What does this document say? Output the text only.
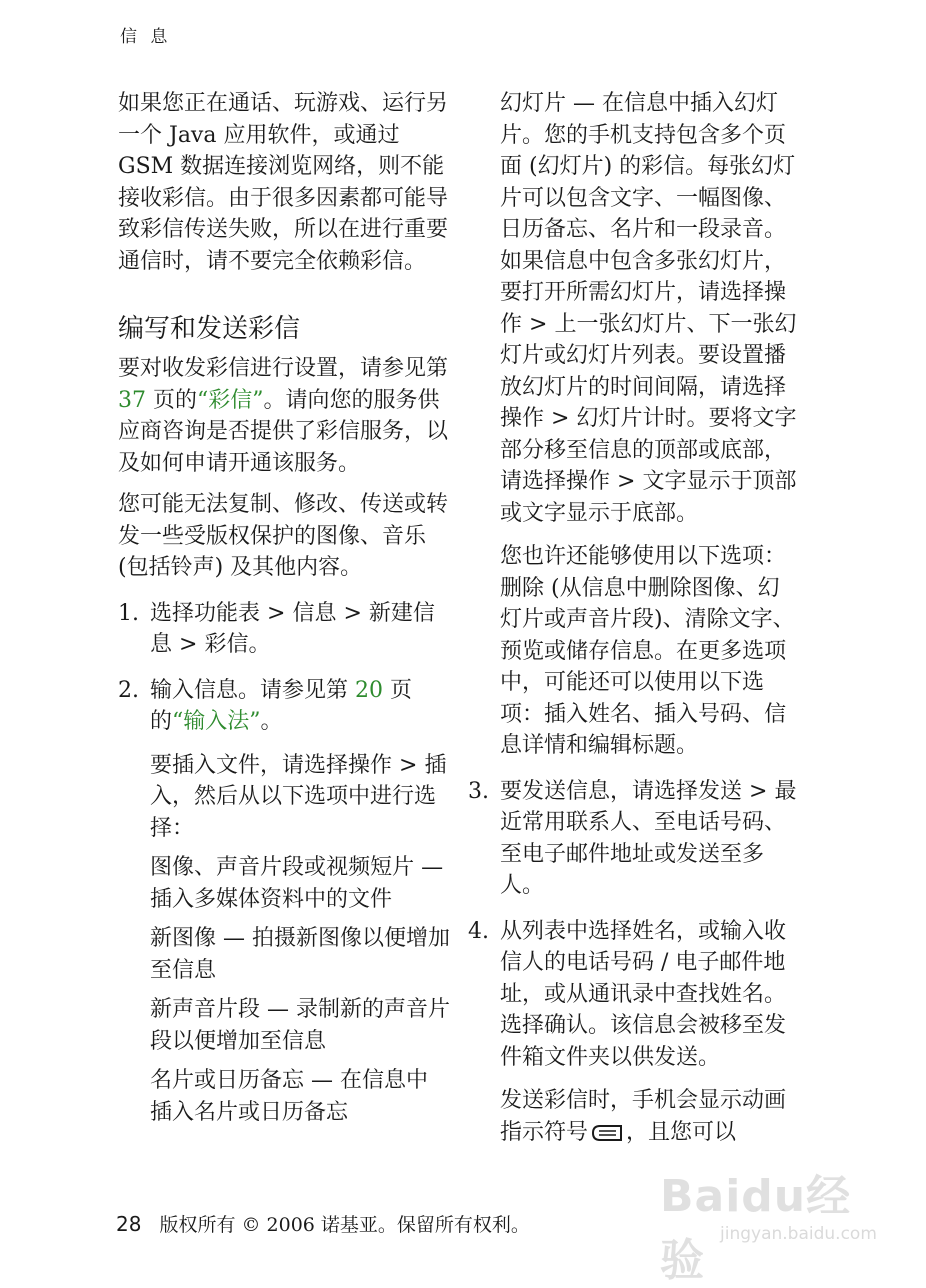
信 息

如果您正在通话、玩游戏、运行另一个 Java 应用软件，或通过 GSM 数据连接浏览网络，则不能接收彩信。由于很多因素都可能导致彩信传送失败，所以在进行重要通信时，请不要完全依赖彩信。

编写和发送彩信

要对收发彩信进行设置，请参见第 37 页的“彩信”。请向您的服务供应商咨询是否提供了彩信服务，以及如何申请开通该服务。

您可能无法复制、修改、传送或转发一些受版权保护的图像、音乐 (包括铃声) 及其他内容。

1. 选择功能表 > 信息 > 新建信息 > 彩信。
2. 输入信息。请参见第 20 页的“输入法”。
要插入文件，请选择操作 > 插入，然后从以下选项中进行选择：
图像、声音片段或视频短片 — 插入多媒体资料中的文件
新图像 — 拍摄新图像以便增加至信息
新声音片段 — 录制新的声音片段以便增加至信息
名片或日历备忘 — 在信息中插入名片或日历备忘
幻灯片 — 在信息中插入幻灯片。您的手机支持包含多个页面 (幻灯片) 的彩信。每张幻灯片可以包含文字、一幅图像、日历备忘、名片和一段录音。如果信息中包含多张幻灯片，要打开所需幻灯片，请选择操作 > 上一张幻灯片、下一张幻灯片或幻灯片列表。要设置播放幻灯片的时间间隔，请选择操作 > 幻灯片计时。要将文字部分移至信息的顶部或底部，请选择操作 > 文字显示于顶部或文字显示于底部。
您也许还能够使用以下选项：删除 (从信息中删除图像、幻灯片或声音片段)、清除文字、预览或储存信息。在更多选项中，可能还可以使用以下选项：插入姓名、插入号码、信息详情和编辑标题。
3. 要发送信息，请选择发送 > 最近常用联系人、至电话号码、至电子邮件地址或发送至多人。
4. 从列表中选择姓名，或输入收信人的电话号码 / 电子邮件地址，或从通讯录中查找姓名。选择确认。该信息会被移至发件箱文件夹以供发送。

发送彩信时，手机会显示动画指示符号 ，且您可以

28 版权所有 © 2006 诺基亚。保留所有权利。
Baidu经验
jingyan.baidu.com
